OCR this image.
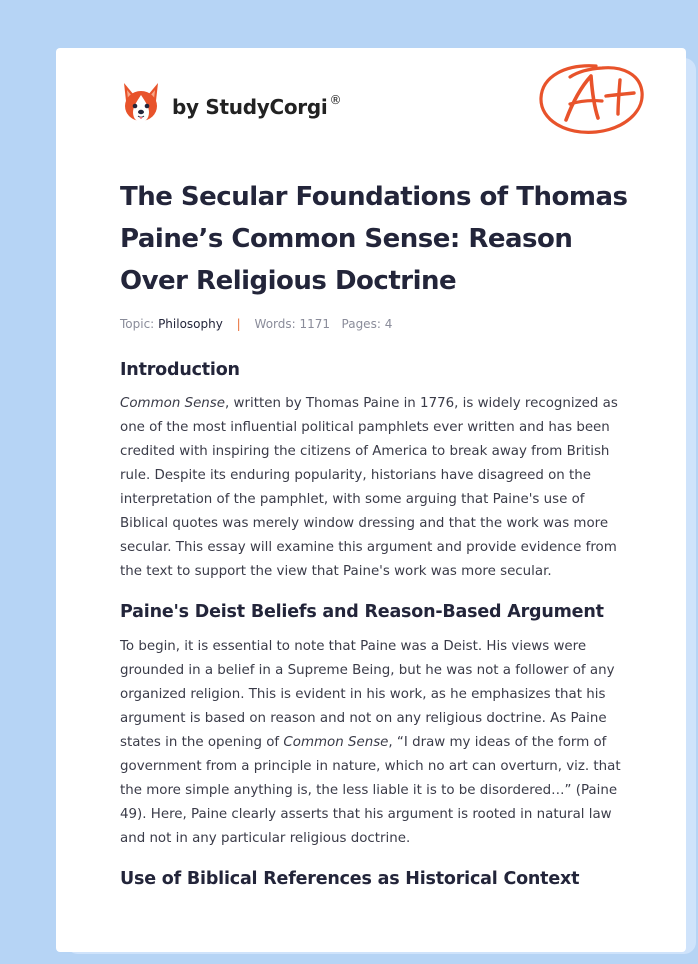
by StudyCorgi ®
The Secular Foundations of Thomas Paine’s Common Sense: Reason Over Religious Doctrine
Topic: Philosophy | Words: 1171 Pages: 4
Introduction

Common Sense, written by Thomas Paine in 1776, is widely recognized as one of the most influential political pamphlets ever written and has been credited with inspiring the citizens of America to break away from British rule. Despite its enduring popularity, historians have disagreed on the interpretation of the pamphlet, with some arguing that Paine's use of Biblical quotes was merely window dressing and that the work was more secular. This essay will examine this argument and provide evidence from the text to support the view that Paine's work was more secular.

Paine's Deist Beliefs and Reason-Based Argument

To begin, it is essential to note that Paine was a Deist. His views were grounded in a belief in a Supreme Being, but he was not a follower of any organized religion. This is evident in his work, as he emphasizes that his argument is based on reason and not on any religious doctrine. As Paine states in the opening of Common Sense, “I draw my ideas of the form of government from a principle in nature, which no art can overturn, viz. that the more simple anything is, the less liable it is to be disordered…” (Paine 49). Here, Paine clearly asserts that his argument is rooted in natural law and not in any particular religious doctrine.

Use of Biblical References as Historical Context
